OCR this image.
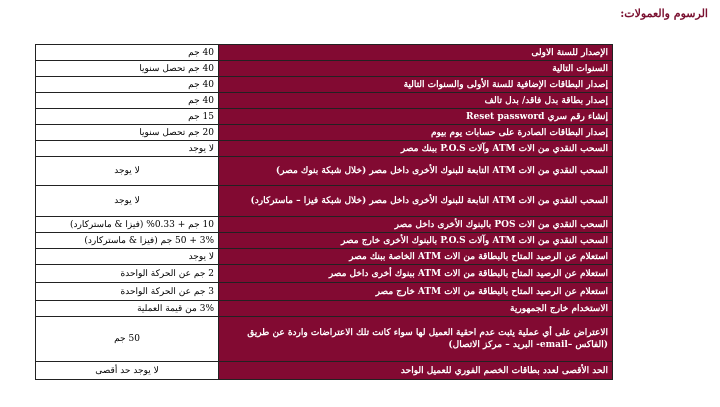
الرسوم والعمولات:
40 جم	الإصدار للسنة الاولى
40 جم تحصل سنويا	السنوات التالية
40 جم	إصدار البطاقات الإضافية للسنة الأولى والسنوات التالية
40 جم	إصدار بطاقة بدل فاقد/ بدل تالف
15 جم	إنشاء رقم سري Reset password
20 جم تحصل سنويا	إصدار البطاقات الصادرة على حسابات يوم بيوم
لا يوجد	السحب النقدي من الات ATM وآلات P.O.S ببنك مصر
لا يوجد	السحب النقدي من الات ATM التابعة للبنوك الأخرى داخل مصر (خلال شبكة بنوك مصر)
لا يوجد	السحب النقدي من الات ATM التابعة للبنوك الأخرى داخل مصر (خلال شبكة فيزا – ماستركارد)
10 جم + 0.33% (فيزا & ماستركارد)	السحب النقدي من الات POS بالبنوك الأخرى داخل مصر
3% + 50 جم (فيزا & ماستركارد)	السحب النقدي من الات ATM وآلات P.O.S بالبنوك الأخرى خارج مصر
لا يوجد	استعلام عن الرصيد المتاح بالبطاقة من الات ATM الخاصة ببنك مصر
2 جم عن الحركة الواحدة	استعلام عن الرصيد المتاح بالبطاقة من الات ATM ببنوك أخرى داخل مصر
3 جم عن الحركة الواحدة	استعلام عن الرصيد المتاح بالبطاقة من الات ATM خارج مصر
3% من قيمة العملية	الاستخدام خارج الجمهورية
50 جم	الاعتراض على أي عملية يثبت عدم احقية العميل لها سواء كانت تلك الاعتراضات واردة عن طريق (الفاكس –email- البريد – مركز الاتصال)
لا يوجد حد أقصى	الحد الأقصى لعدد بطاقات الخصم الفوري للعميل الواحد
